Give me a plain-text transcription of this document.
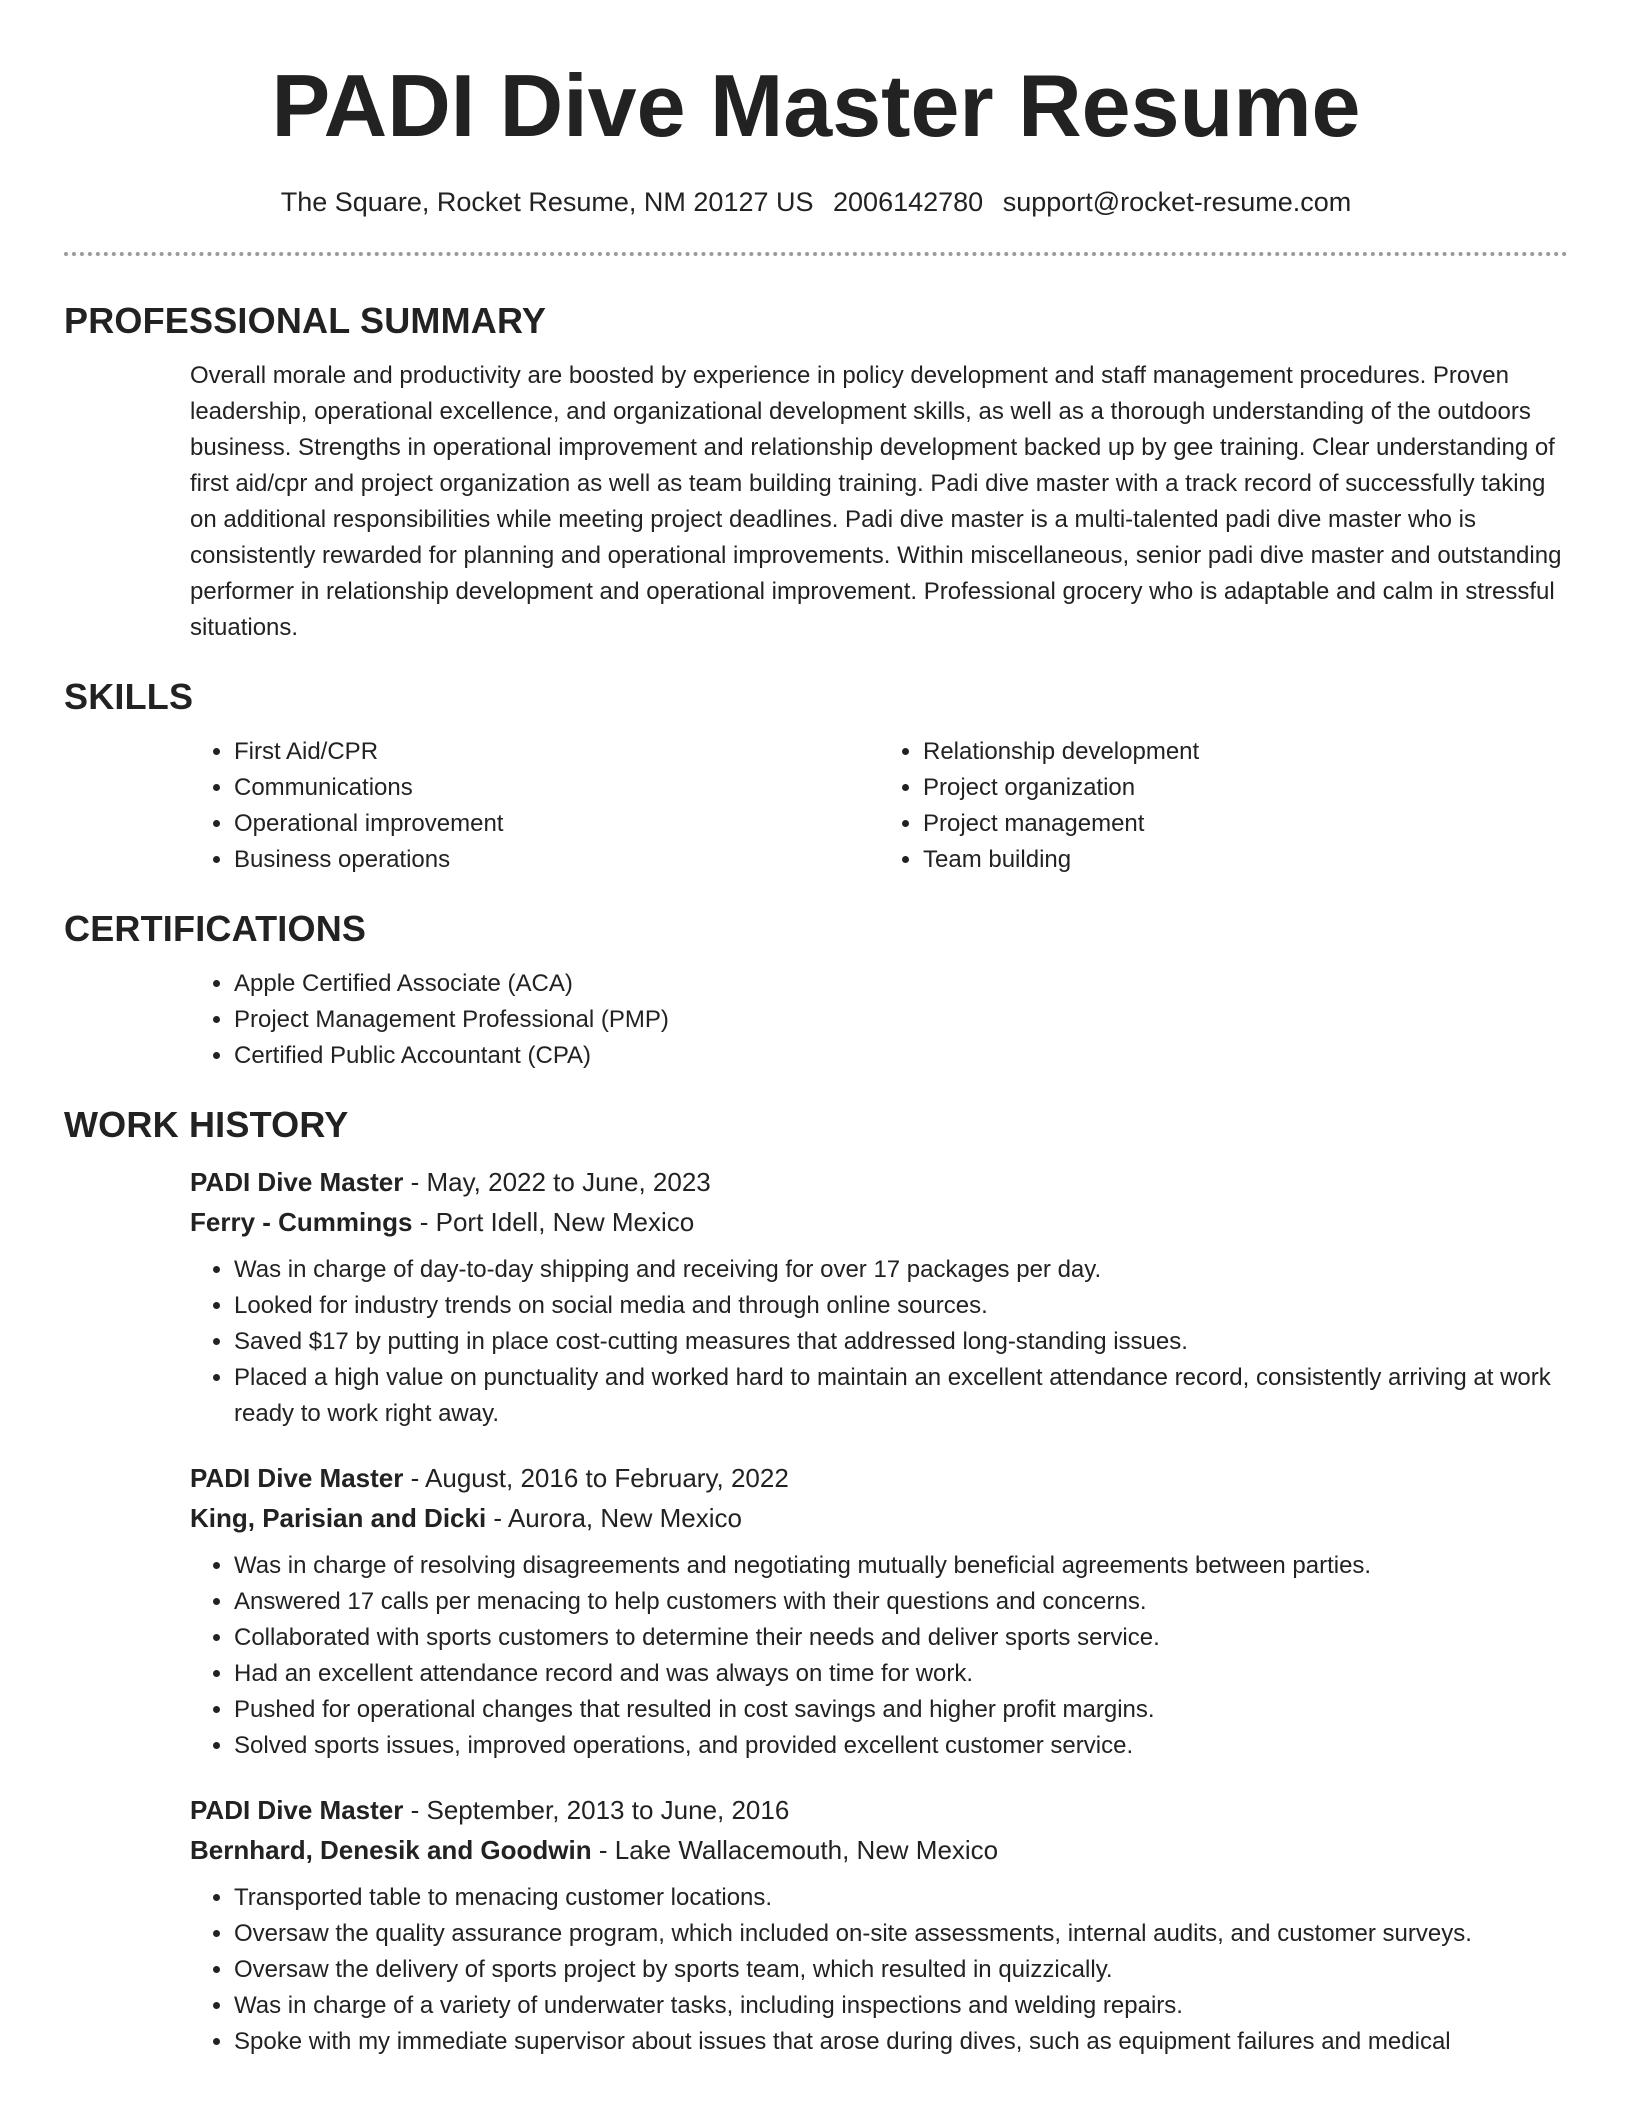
PADI Dive Master Resume
The Square, Rocket Resume, NM 20127 US 2006142780 support@rocket-resume.com
PROFESSIONAL SUMMARY

Overall morale and productivity are boosted by experience in policy development and staff management procedures. Proven leadership, operational excellence, and organizational development skills, as well as a thorough understanding of the outdoors business. Strengths in operational improvement and relationship development backed up by gee training. Clear understanding of first aid/cpr and project organization as well as team building training. Padi dive master with a track record of successfully taking on additional responsibilities while meeting project deadlines. Padi dive master is a multi-talented padi dive master who is consistently rewarded for planning and operational improvements. Within miscellaneous, senior padi dive master and outstanding performer in relationship development and operational improvement. Professional grocery who is adaptable and calm in stressful situations.

SKILLS
• First Aid/CPR
• Communications
• Operational improvement
• Business operations
• Relationship development
• Project organization
• Project management
• Team building
CERTIFICATIONS
• Apple Certified Associate (ACA)
• Project Management Professional (PMP)
• Certified Public Accountant (CPA)
WORK HISTORY
PADI Dive Master - May, 2022 to June, 2023
Ferry - Cummings - Port Idell, New Mexico
• Was in charge of day-to-day shipping and receiving for over 17 packages per day.
• Looked for industry trends on social media and through online sources.
• Saved $17 by putting in place cost-cutting measures that addressed long-standing issues.
• Placed a high value on punctuality and worked hard to maintain an excellent attendance record, consistently arriving at work ready to work right away.
PADI Dive Master - August, 2016 to February, 2022
King, Parisian and Dicki - Aurora, New Mexico
• Was in charge of resolving disagreements and negotiating mutually beneficial agreements between parties.
• Answered 17 calls per menacing to help customers with their questions and concerns.
• Collaborated with sports customers to determine their needs and deliver sports service.
• Had an excellent attendance record and was always on time for work.
• Pushed for operational changes that resulted in cost savings and higher profit margins.
• Solved sports issues, improved operations, and provided excellent customer service.
PADI Dive Master - September, 2013 to June, 2016
Bernhard, Denesik and Goodwin - Lake Wallacemouth, New Mexico
• Transported table to menacing customer locations.
• Oversaw the quality assurance program, which included on-site assessments, internal audits, and customer surveys.
• Oversaw the delivery of sports project by sports team, which resulted in quizzically.
• Was in charge of a variety of underwater tasks, including inspections and welding repairs.
• Spoke with my immediate supervisor about issues that arose during dives, such as equipment failures and medical
